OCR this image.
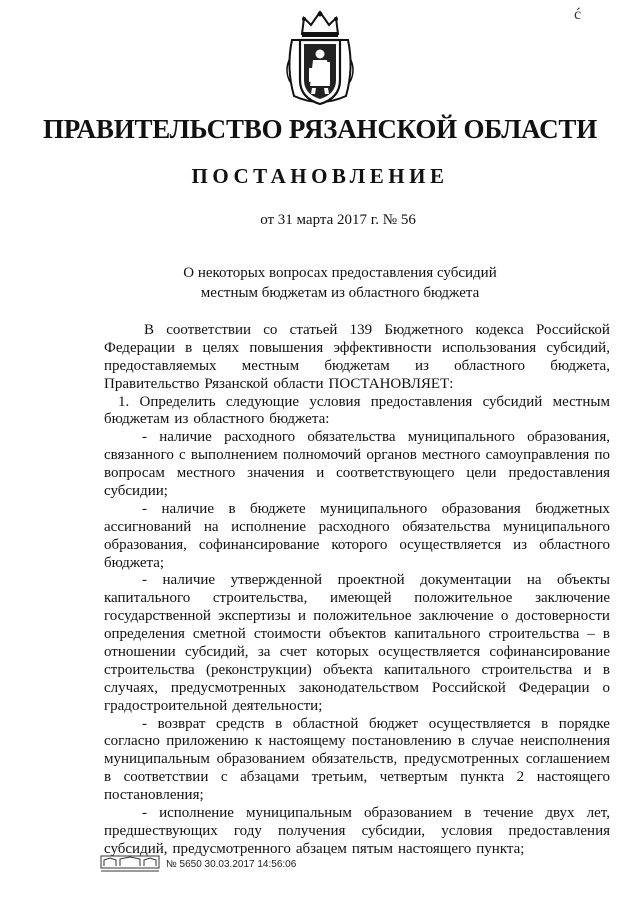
ć
ПРАВИТЕЛЬСТВО РЯЗАНСКОЙ ОБЛАСТИ
ПОСТАНОВЛЕНИЕ
от 31 марта 2017 г. № 56
О некоторых вопросах предоставления субсидий
местным бюджетам из областного бюджета
В соответствии со статьей 139 Бюджетного кодекса Российской
Федерации в целях повышения эффективности использования субсидий,
предоставляемых местным бюджетам из областного бюджета,
Правительство Рязанской области ПОСТАНОВЛЯЕТ:
1. Определить следующие условия предоставления субсидий местным
бюджетам из областного бюджета:
- наличие расходного обязательства муниципального образования,
связанного с выполнением полномочий органов местного самоуправления по
вопросам местного значения и соответствующего цели предоставления
субсидии;
- наличие в бюджете муниципального образования бюджетных
ассигнований на исполнение расходного обязательства муниципального
образования, софинансирование которого осуществляется из областного
бюджета;
- наличие утвержденной проектной документации на объекты
капитального строительства, имеющей положительное заключение
государственной экспертизы и положительное заключение о достоверности
определения сметной стоимости объектов капитального строительства – в
отношении субсидий, за счет которых осуществляется софинансирование
строительства (реконструкции) объекта капитального строительства и в
случаях, предусмотренных законодательством Российской Федерации о
градостроительной деятельности;
- возврат средств в областной бюджет осуществляется в порядке
согласно приложению к настоящему постановлению в случае неисполнения
муниципальным образованием обязательств, предусмотренных соглашением
в соответствии с абзацами третьим, четвертым пункта 2 настоящего
постановления;
- исполнение муниципальным образованием в течение двух лет,
предшествующих году получения субсидии, условия предоставления
субсидий, предусмотренного абзацем пятым настоящего пункта;
№ 5650 30.03.2017 14:56:06
